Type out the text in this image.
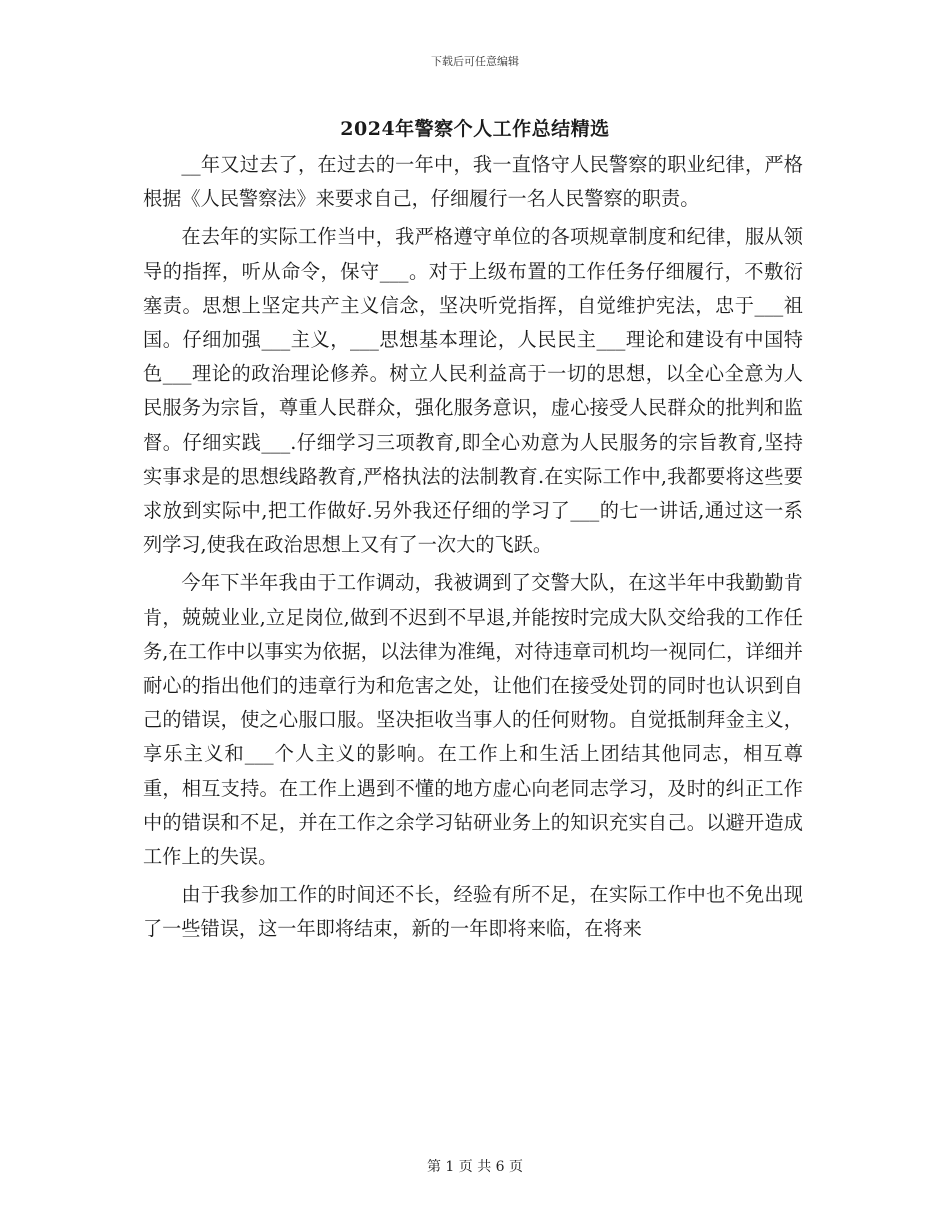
下载后可任意编辑
2024年警察个人工作总结精选

__年又过去了，在过去的一年中，我一直恪守人民警察的职业纪律，严格根据《人民警察法》来要求自己，仔细履行一名人民警察的职责。

在去年的实际工作当中，我严格遵守单位的各项规章制度和纪律，服从领导的指挥，听从命令，保守___。对于上级布置的工作任务仔细履行，不敷衍塞责。思想上坚定共产主义信念，坚决听党指挥，自觉维护宪法，忠于___祖国。仔细加强___主义，___思想基本理论，人民民主___理论和建设有中国特色___理论的政治理论修养。树立人民利益高于一切的思想，以全心全意为人民服务为宗旨，尊重人民群众，强化服务意识，虚心接受人民群众的批判和监督。仔细实践___.仔细学习三项教育,即全心劝意为人民服务的宗旨教育,坚持实事求是的思想线路教育,严格执法的法制教育.在实际工作中,我都要将这些要求放到实际中,把工作做好.另外我还仔细的学习了___的七一讲话,通过这一系列学习,使我在政治思想上又有了一次大的飞跃。

今年下半年我由于工作调动，我被调到了交警大队，在这半年中我勤勤肯肯，兢兢业业,立足岗位,做到不迟到不早退,并能按时完成大队交给我的工作任务,在工作中以事实为依据，以法律为准绳，对待违章司机均一视同仁，详细并耐心的指出他们的违章行为和危害之处，让他们在接受处罚的同时也认识到自己的错误，使之心服口服。坚决拒收当事人的任何财物。自觉抵制拜金主义，享乐主义和___个人主义的影响。在工作上和生活上团结其他同志，相互尊重，相互支持。在工作上遇到不懂的地方虚心向老同志学习，及时的纠正工作中的错误和不足，并在工作之余学习钻研业务上的知识充实自己。以避开造成工作上的失误。

由于我参加工作的时间还不长，经验有所不足，在实际工作中也不免出现了一些错误，这一年即将结束，新的一年即将来临，在将来

第 1 页 共 6 页
